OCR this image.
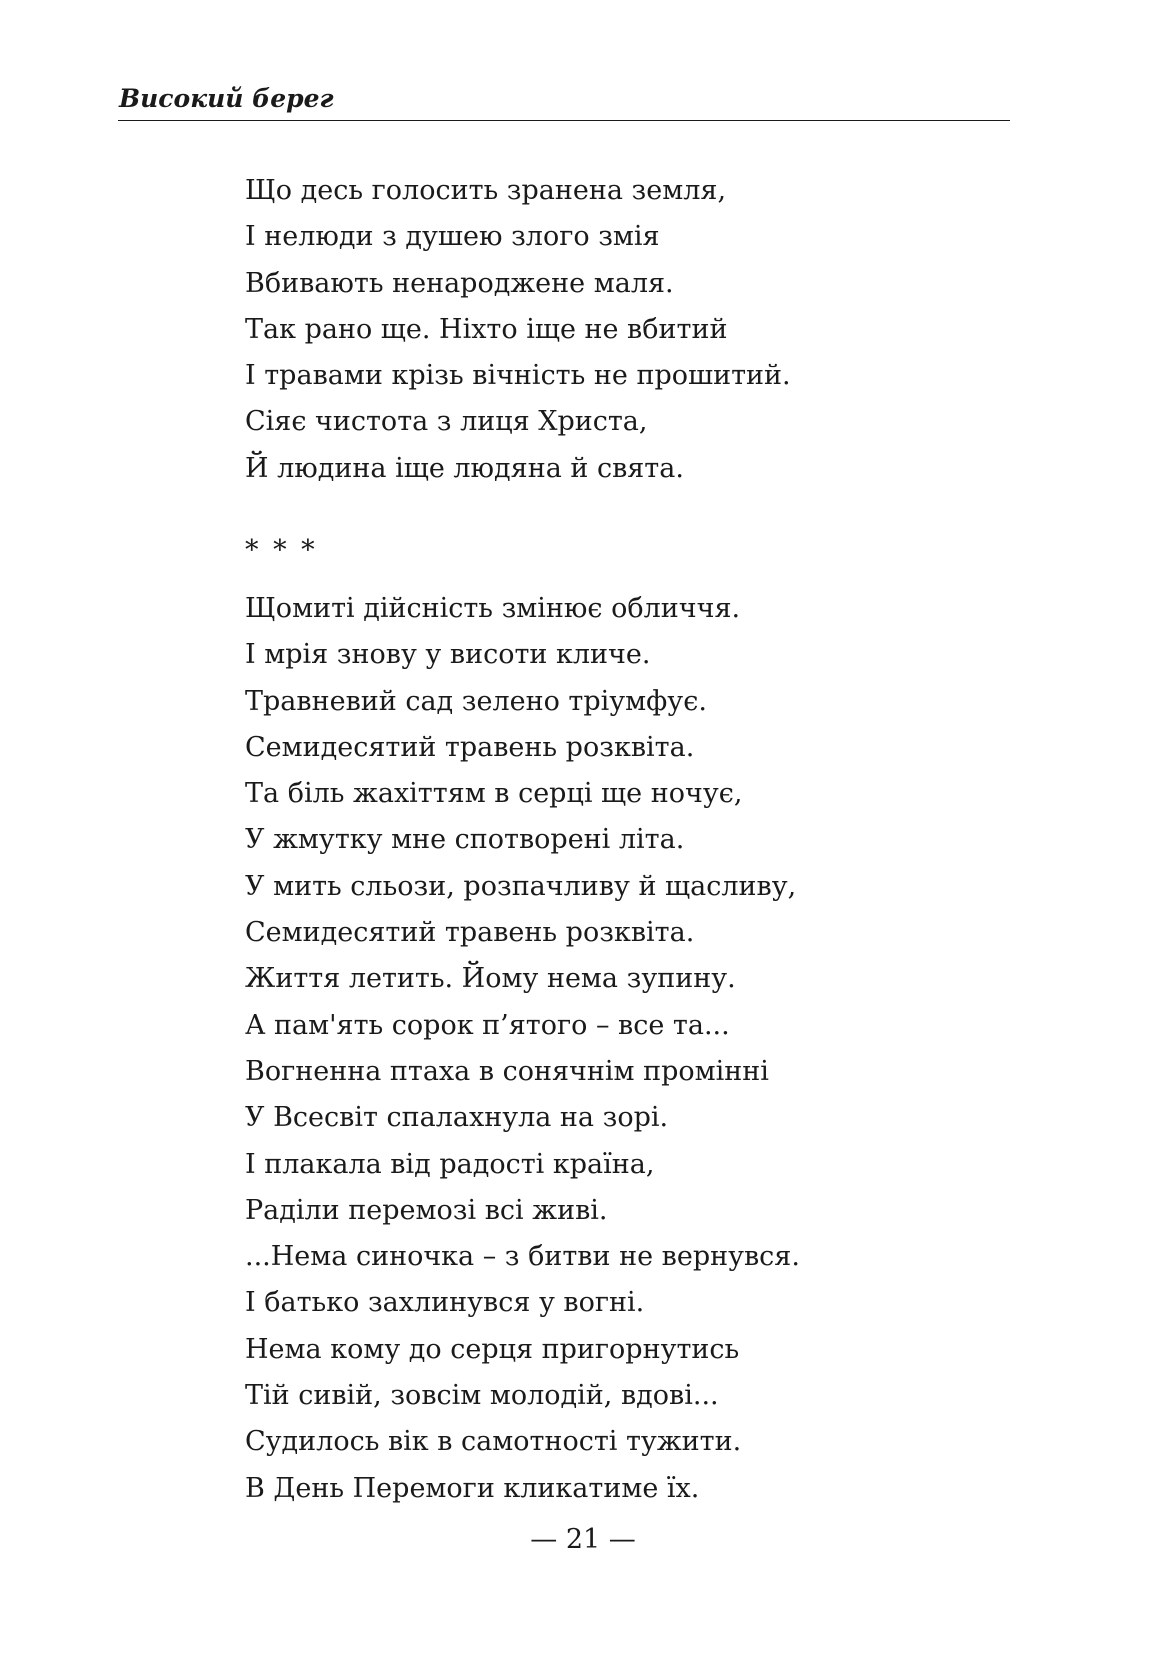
Високий берег
Що десь голосить зранена земля,
І нелюди з душею злого змія
Вбивають ненароджене маля.
Так рано ще. Ніхто іще не вбитий
І травами крізь вічність не прошитий.
Сіяє чистота з лиця Христа,
Й людина іще людяна й свята.
* * *
Щомиті дійсність змінює обличчя.
І мрія знову у висоти кличе.
Травневий сад зелено тріумфує.
Семидесятий травень розквіта.
Та біль жахіттям в серці ще ночує,
У жмутку мне спотворені літа.
У мить сльози, розпачливу й щасливу,
Семидесятий травень розквіта.
Життя летить. Йому нема зупину.
А пам'ять сорок п’ятого – все та...
Вогненна птаха в сонячнім промінні
У Всесвіт спалахнула на зорі.
І плакала від радості країна,
Раділи перемозі всі живі.
...Нема синочка – з битви не вернувся.
І батько захлинувся у вогні.
Нема кому до серця пригорнутись
Тій сивій, зовсім молодій, вдові...
Судилось вік в самотності тужити.
В День Перемоги кликатиме їх.
— 21 —
